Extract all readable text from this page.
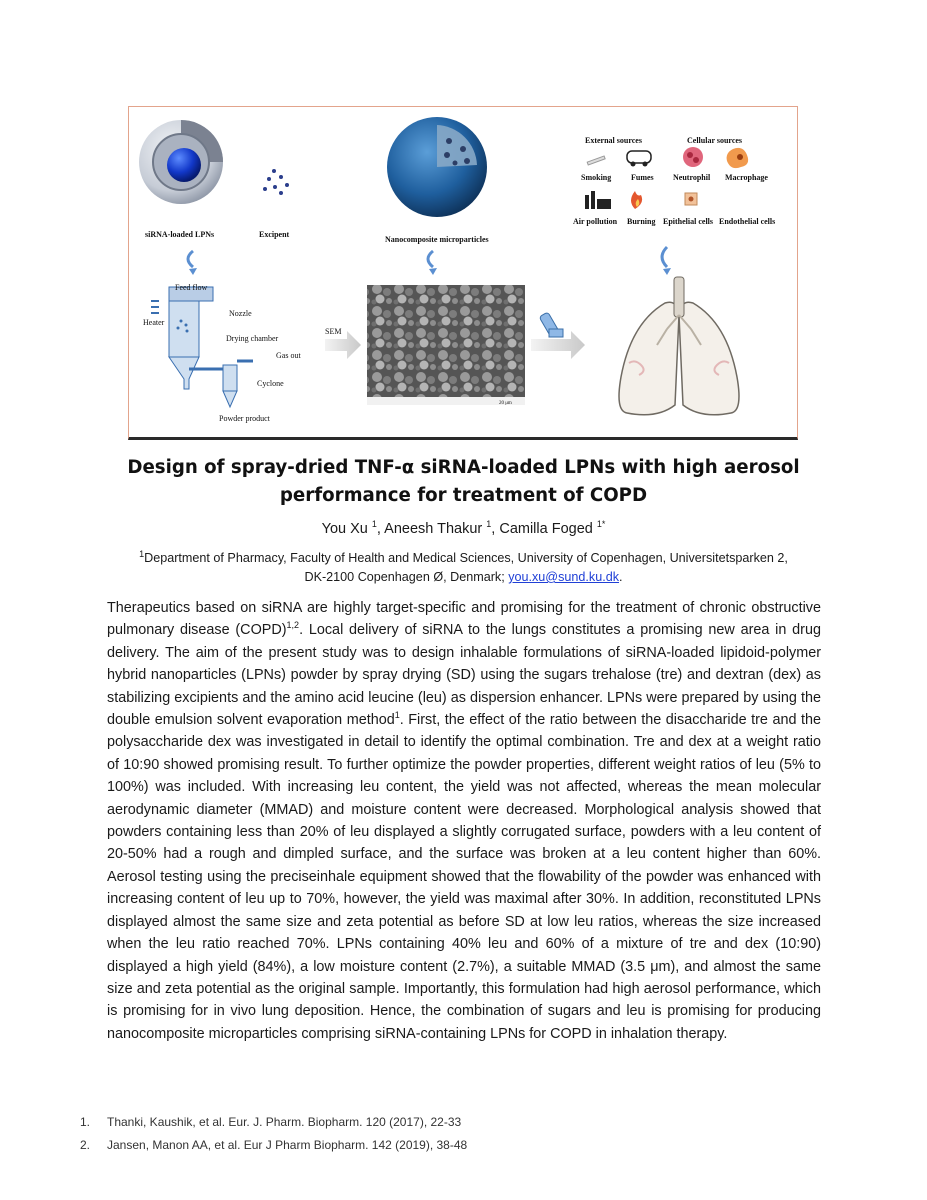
siRNA-loaded LPNs	Excipent
Feed flow
Nozzle
Heater
Drying chamber
Gas out
Cyclone
Powder product
SEM
Nanocomposite microparticles
20 μm
External sources	Cellular sources
Smoking Fumes Neutrophil Macrophage
Air pollution Burning Epithelial cells Endothelial cells
Design of spray-dried TNF-α siRNA-loaded LPNs with high aerosol
performance for treatment of COPD
You Xu $^1$, Aneesh Thakur $^1$, Camilla Foged $^{1*}$
$^1$Department of Pharmacy, Faculty of Health and Medical Sciences, University of Copenhagen, Universitetsparken 2,
DK-2100 Copenhagen Ø, Denmark; you.xu@sund.ku.dk.

Therapeutics based on siRNA are highly target-specific and promising for the treatment of chronic obstructive pulmonary disease (COPD)$^{1,2}$. Local delivery of siRNA to the lungs constitutes a promising new area in drug delivery. The aim of the present study was to design inhalable formulations of siRNA-loaded lipidoid-polymer hybrid nanoparticles (LPNs) powder by spray drying (SD) using the sugars trehalose (tre) and dextran (dex) as stabilizing excipients and the amino acid leucine (leu) as dispersion enhancer. LPNs were prepared by using the double emulsion solvent evaporation method$^1$. First, the effect of the ratio between the disaccharide tre and the polysaccharide dex was investigated in detail to identify the optimal combination. Tre and dex at a weight ratio of 10:90 showed promising result. To further optimize the powder properties, different weight ratios of leu (5% to 100%) was included. With increasing leu content, the yield was not affected, whereas the mean molecular aerodynamic diameter (MMAD) and moisture content were decreased. Morphological analysis showed that powders containing less than 20% of leu displayed a slightly corrugated surface, powders with a leu content of 20-50% had a rough and dimpled surface, and the surface was broken at a leu content higher than 60%. Aerosol testing using the preciseinhale equipment showed that the flowability of the powder was enhanced with increasing content of leu up to 70%, however, the yield was maximal after 30%. In addition, reconstituted LPNs displayed almost the same size and zeta potential as before SD at low leu ratios, whereas the size increased when the leu ratio reached 70%. LPNs containing 40% leu and 60% of a mixture of tre and dex (10:90) displayed a high yield (84%), a low moisture content (2.7%), a suitable MMAD (3.5 μm), and almost the same size and zeta potential as the original sample. Importantly, this formulation had high aerosol performance, which is promising for in vivo lung deposition. Hence, the combination of sugars and leu is promising for producing nanocomposite microparticles comprising siRNA-containing LPNs for COPD in inhalation therapy.

1. Thanki, Kaushik, et al. Eur. J. Pharm. Biopharm. 120 (2017), 22-33
2. Jansen, Manon AA, et al. Eur J Pharm Biopharm. 142 (2019), 38-48
